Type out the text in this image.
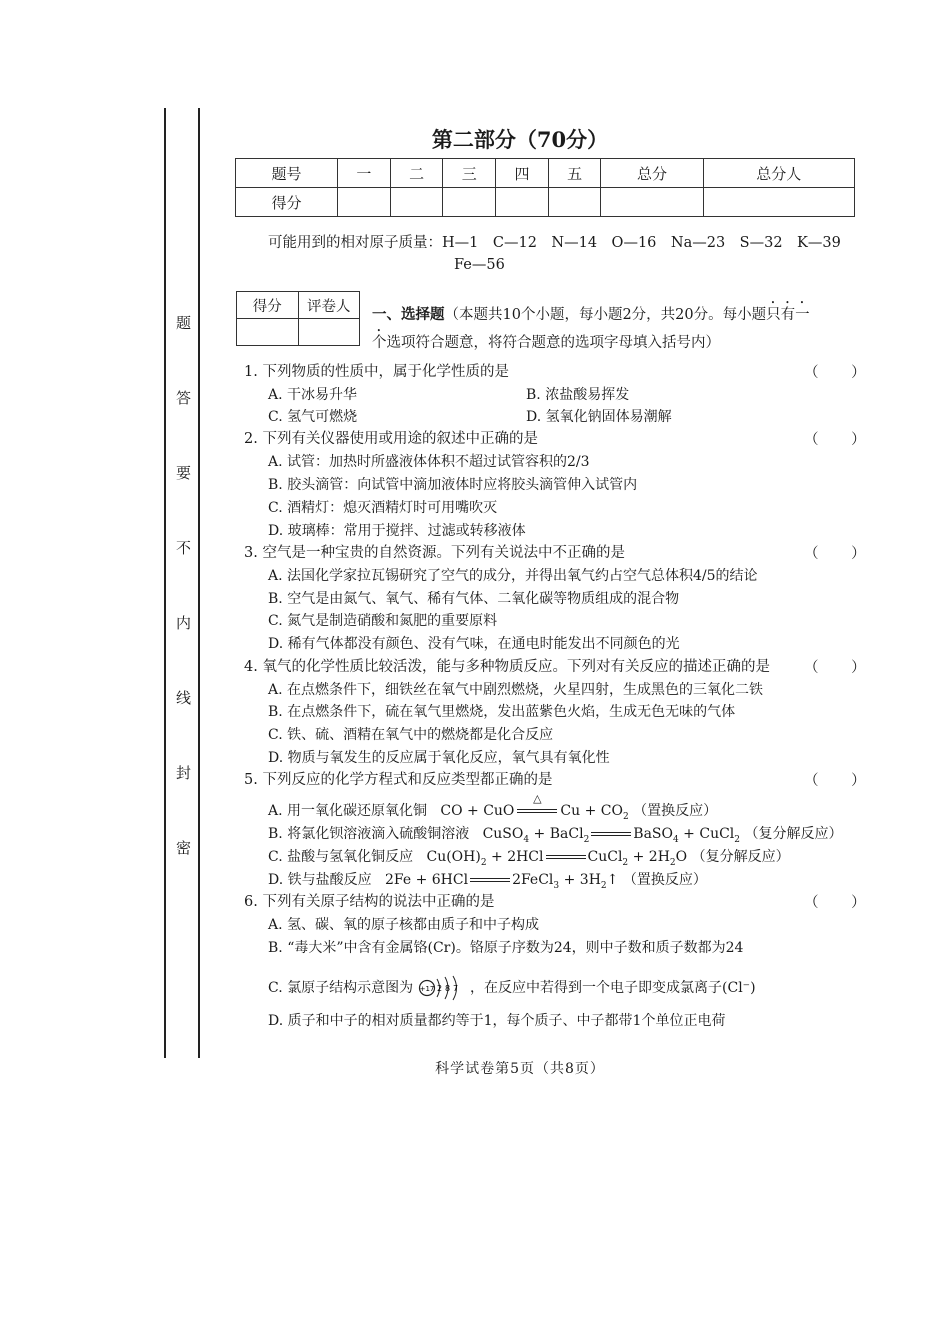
题
答
要
不
内
线
封
密
第二部分（70分）
题号	一	二	三	四	五	总分	总分人
得分							
可能用到的相对原子质量：H—1　C—12　N—14　O—16　Na—23　S—32　K—39
Fe—56
得分	评卷人
	一、选择题（本题共10个小题，每小题2分，共20分。每小题只有一
个选项符合题意，将符合题意的选项字母填入括号内）
1. 下列物质的性质中，属于化学性质的是	（ ）
A. 干冰易升华	B. 浓盐酸易挥发
C. 氢气可燃烧	D. 氢氧化钠固体易潮解
2. 下列有关仪器使用或用途的叙述中正确的是	（ ）
A. 试管：加热时所盛液体体积不超过试管容积的2/3
B. 胶头滴管：向试管中滴加液体时应将胶头滴管伸入试管内
C. 酒精灯：熄灭酒精灯时可用嘴吹灭
D. 玻璃棒：常用于搅拌、过滤或转移液体
3. 空气是一种宝贵的自然资源。下列有关说法中不正确的是	（ ）
A. 法国化学家拉瓦锡研究了空气的成分，并得出氧气约占空气总体积4/5的结论
B. 空气是由氮气、氧气、稀有气体、二氧化碳等物质组成的混合物
C. 氮气是制造硝酸和氮肥的重要原料
D. 稀有气体都没有颜色、没有气味，在通电时能发出不同颜色的光
4. 氧气的化学性质比较活泼，能与多种物质反应。下列对有关反应的描述正确的是 （ ）
A. 在点燃条件下，细铁丝在氧气中剧烈燃烧，火星四射，生成黑色的三氧化二铁
B. 在点燃条件下，硫在氧气里燃烧，发出蓝紫色火焰，生成无色无味的气体
C. 铁、硫、酒精在氧气中的燃烧都是化合反应
D. 物质与氧发生的反应属于氧化反应，氧气具有氧化性
5. 下列反应的化学方程式和反应类型都正确的是	（ ）
A. 用一氧化碳还原氧化铜 CO + CuO
△
$Cu + CO_2$ （置换反应）
B. 将氯化钡溶液滴入硫酸铜溶液 CuSO$_4$ + BaCl$_2$	BaSO$_4$ + CuCl$_2$ （复分解反应）
C. 盐酸与氢氧化铜反应 $Cu(OH)_2 + 2HCl$	CuCl$_2$ + $2H_2O$ （复分解反应）
D. 铁与盐酸反应 2Fe + 6HCl	2FeCl$_3$ + $3H_2↑$ （置换反应）
6. 下列有关原子结构的说法中正确的是	（ ）
A. 氢、碳、氧的原子核都由质子和中子构成
B. “毒大米”中含有金属铬(Cr)。铬原子序数为24，则中子数和质子数都为24
C. 氯原子结构示意图为 +17 2 8 7 ，在反应中若得到一个电子即变成氯离子(Cl⁻)
D. 质子和中子的相对质量都约等于1，每个质子、中子都带1个单位正电荷
科学试卷第5页（共8页）
